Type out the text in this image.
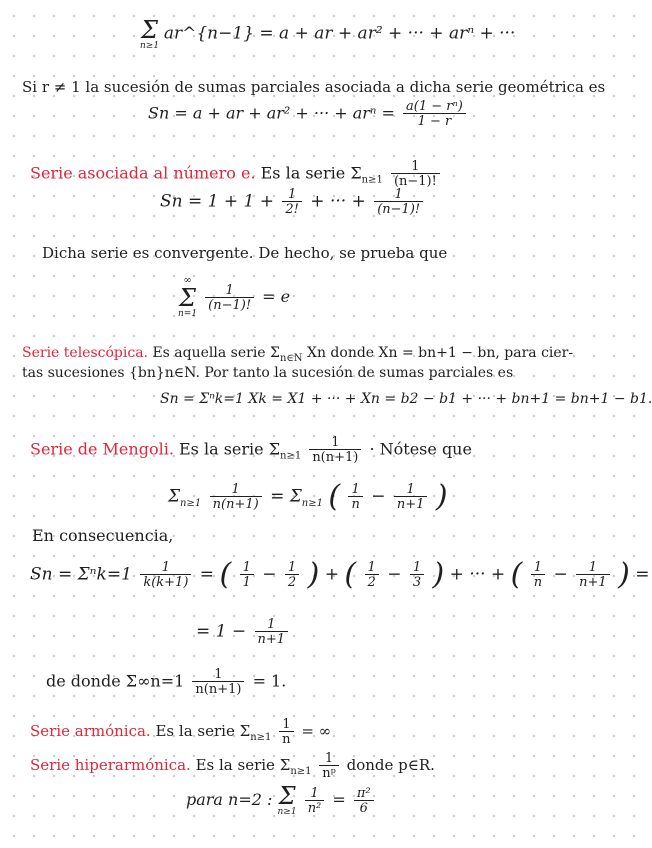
Σ
n≥1
ar^{n−1} = a + ar + ar² + ··· + arⁿ + ···
Si r ≠ 1 la sucesión de sumas parciales asociada a dicha serie geométrica es
Sn = a + ar + ar² + ··· + $ar^n = \frac{\text{a(1 − rⁿ)}}{1 - r}$
Serie asociada al número e. Es la serie $\Sigma_{n\ge 1} \frac{1}{(n-1)!}$
$Sn = 1 + 1 + \frac{1}{2!}$ + ··· + $\frac{1}{(n-1)!}$
Dicha serie es convergente. De hecho, se prueba que
∞
Σ
n=1

$\frac{1}{(n-1)!} = e$
Serie telescópica. Es aquella serie $\Sigma_{n\in N}$ Xn donde Xn = bn+1 − bn, para cier-
tas sucesiones {bn}n∈N. Por tanto la sucesión de sumas parciales es
Sn = Σⁿk=1 Xk = X1 + ··· + Xn = b2 − b1 + ··· + bn+1 = bn+1 − b1.
Serie de Mengoli. Es la serie $\Sigma_{n\ge 1} \frac{1}{n(n+1)}$ · Nótese que
$\Sigma_{n\ge 1} \frac{1}{n(n+1)} = \Sigma_{n\ge 1}$ ( $\frac{1}{n} - \frac{1}{n+1}$ )
En consecuencia,
$Sn = \Sigma^nk=1 \frac{1}{k(k+1)}$ = ( $\frac{1}{1} - \frac{1}{2}$ ) + ( $\frac{1}{2} - \frac{1}{3}$ ) + ··· + ( $\frac{1}{n} - \frac{1}{n+1}$ ) =
= $1 - \frac{1}{n+1}$
de donde $\Sigma\infty n=1 \frac{1}{n(n+1)} = 1$.
Serie armónica. Es la serie $\Sigma_{n\ge 1} \frac{1}{n}$ = ∞
Serie hiperarmónica. Es la serie $\Sigma_{n\ge 1} \frac{1}{\text{nᵖ}}$ donde p∈R.
para n=2 : Σ
n≥1
$\frac{1}{\text{n²}} = \frac{\text{π²}}{6}$
